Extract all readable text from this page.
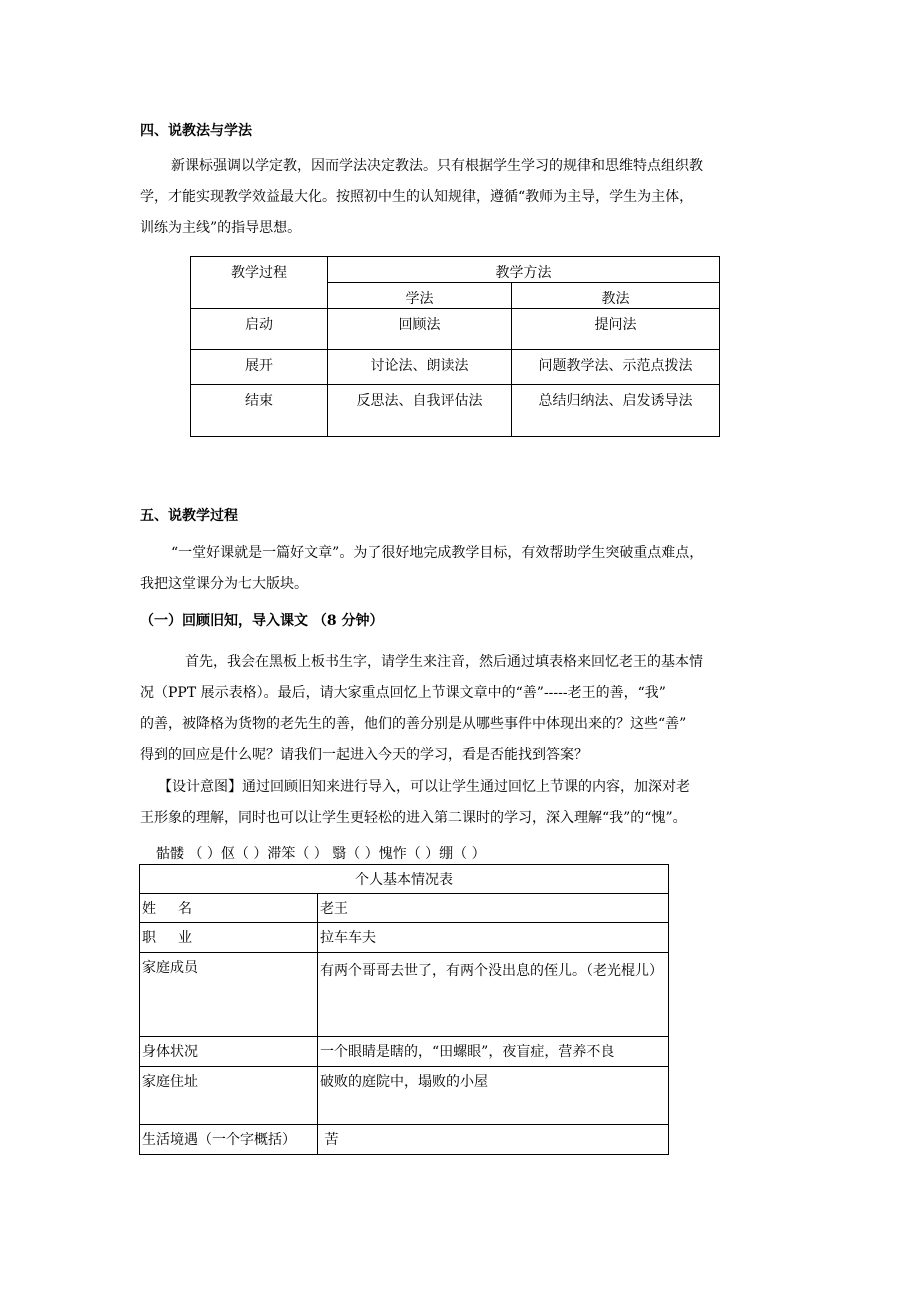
四、说教法与学法

新课标强调以学定教，因而学法决定教法。只有根据学生学习的规律和思维特点组织教
学，才能实现教学效益最大化。按照初中生的认知规律，遵循“教师为主导，学生为主体，
训练为主线”的指导思想。
教学过程	教学方法	
	学法	教法
启动	回顾法	提问法
展开	讨论法、朗读法	问题教学法、示范点拨法
结束	反思法、自我评估法	总结归纳法、启发诱导法

五、说教学过程

“一堂好课就是一篇好文章”。为了很好地完成教学目标，有效帮助学生突破重点难点，
我把这堂课分为七大版块。

（一）回顾旧知，导入课文 （8 分钟）

首先，我会在黑板上板书生字，请学生来注音，然后通过填表格来回忆老王的基本情
况（PPT 展示表格）。最后，请大家重点回忆上节课文章中的“善”-----老王的善，“我”
的善，被降格为货物的老先生的善，他们的善分别是从哪些事件中体现出来的？这些“善”
得到的回应是什么呢？请我们一起进入今天的学习，看是否能找到答案？
【设计意图】通过回顾旧知来进行导入，可以让学生通过回忆上节课的内容，加深对老
王形象的理解，同时也可以让学生更轻松的进入第二课时的学习，深入理解“我”的“愧”。

骷髅 （ ）伛（ ）滞笨（ ） 翳（ ）愧怍（ ）绷（ ）

个人基本情况表	
姓名	老王
职业	拉车车夫
家庭成员	有两个哥哥去世了，有两个没出息的侄儿。（老光棍儿）
身体状况	一个眼睛是瞎的，“田螺眼”，夜盲症，营养不良
家庭住址	破败的庭院中，塌败的小屋
生活境遇（一个字概括）	苦
